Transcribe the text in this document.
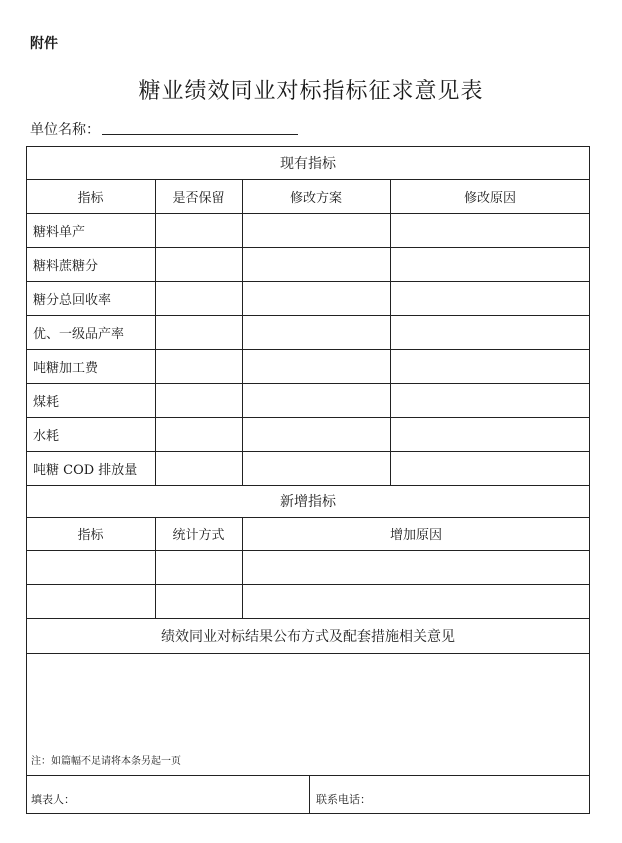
附件
糖业绩效同业对标指标征求意见表
单位名称：
现有指标
指标	是否保留	修改方案	修改原因
糖料单产
糖料蔗糖分
糖分总回收率
优、一级品产率
吨糖加工费
煤耗
水耗
吨糖 COD 排放量
新增指标
指标	统计方式	增加原因
绩效同业对标结果公布方式及配套措施相关意见
注：如篇幅不足请将本条另起一页
填表人：	联系电话：
